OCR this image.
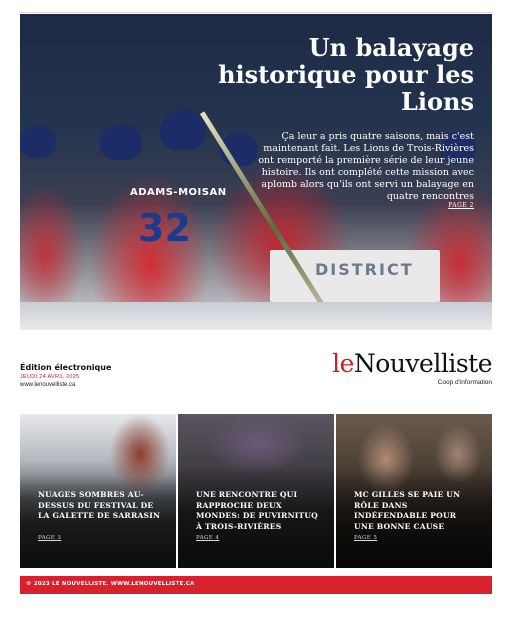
DISTRICT
ADAMS-MOISAN
32
Un balayage historique pour les Lions
Ça leur a pris quatre saisons, mais c'est maintenant fait. Les Lions de Trois-Rivières ont remporté la première série de leur jeune histoire. Ils ont complété cette mission avec aplomb alors qu'ils ont servi un balayage en quatre rencontres
PAGE 2
Édition électronique
JEUDI 24 AVRIL 2025
www.lenouvelliste.ca
leNouvelliste
Coop d'information
NUAGES SOMBRES AU-DESSUS DU FESTIVAL DE LA GALETTE DE SARRASIN
PAGE 3
UNE RENCONTRE QUI RAPPROCHE DEUX MONDES: DE PUVIRNITUQ À TROIS-RIVIÈRES
PAGE 4
MC GILLES SE PAIE UN RÔLE DANS INDÉFENDABLE POUR UNE BONNE CAUSE
PAGE 5
© 2023 LE NOUVELLISTE. WWW.LENOUVELLISTE.CA
